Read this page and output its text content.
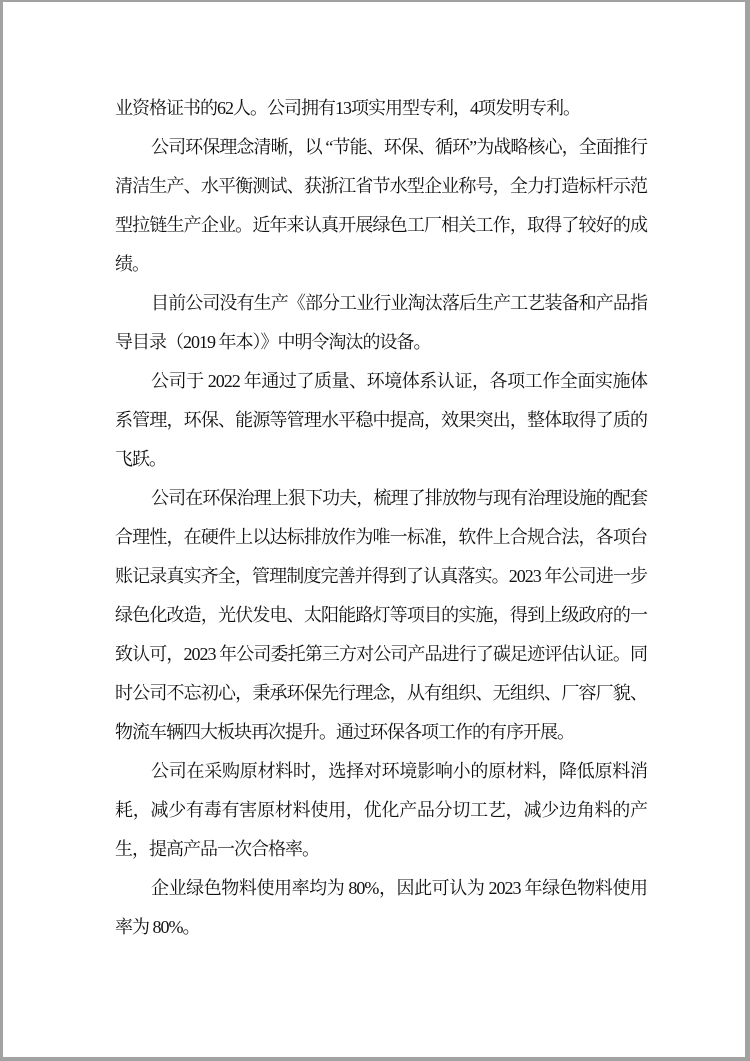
业资格证书的62人。公司拥有13项实用型专利，4项发明专利。

公司环保理念清晰，以 “节能、环保、循环”为战略核心，全面推行清洁生产、水平衡测试、获浙江省节水型企业称号，全力打造标杆示范型拉链生产企业。近年来认真开展绿色工厂相关工作，取得了较好的成绩。

目前公司没有生产《部分工业行业淘汰落后生产工艺装备和产品指导目录（2019 年本）》中明令淘汰的设备。

公司于 2022 年通过了质量、环境体系认证，各项工作全面实施体系管理，环保、能源等管理水平稳中提高，效果突出，整体取得了质的飞跃。

公司在环保治理上狠下功夫，梳理了排放物与现有治理设施的配套合理性，在硬件上以达标排放作为唯一标准，软件上合规合法，各项台账记录真实齐全，管理制度完善并得到了认真落实。2023 年公司进一步绿色化改造，光伏发电、太阳能路灯等项目的实施，得到上级政府的一致认可，2023 年公司委托第三方对公司产品进行了碳足迹评估认证。同时公司不忘初心，秉承环保先行理念，从有组织、无组织、厂容厂貌、物流车辆四大板块再次提升。通过环保各项工作的有序开展。

公司在采购原材料时，选择对环境影响小的原材料，降低原料消耗，减少有毒有害原材料使用，优化产品分切工艺，减少边角料的产生，提高产品一次合格率。

企业绿色物料使用率均为 80%，因此可认为 2023 年绿色物料使用率为 80%。
